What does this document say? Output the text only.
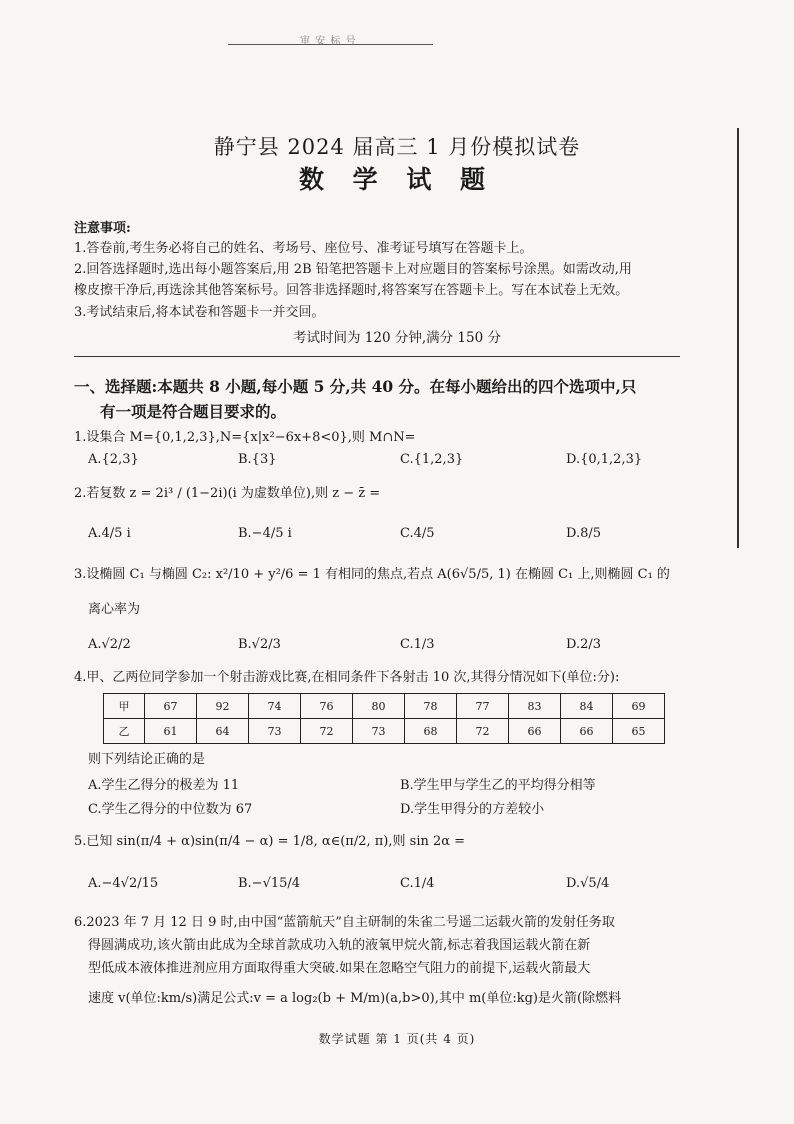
审 安 标 号
静宁县 2024 届高三 1 月份模拟试卷
数 学 试 题
注意事项:
1.答卷前,考生务必将自己的姓名、考场号、座位号、准考证号填写在答题卡上。
2.回答选择题时,选出每小题答案后,用 2B 铅笔把答题卡上对应题目的答案标号涂黑。如需改动,用
橡皮擦干净后,再选涂其他答案标号。回答非选择题时,将答案写在答题卡上。写在本试卷上无效。
3.考试结束后,将本试卷和答题卡一并交回。
考试时间为 120 分钟,满分 150 分
一、选择题:本题共 8 小题,每小题 5 分,共 40 分。在每小题给出的四个选项中,只
有一项是符合题目要求的。
1.设集合 M={0,1,2,3},N={x|x²−6x+8<0},则 M∩N=
A.{2,3}	B.{3}	C.{1,2,3}	D.{0,1,2,3}
2.若复数 z = 2i³ / (1−2i)(i 为虚数单位),则 z − z̄ =
A.4/5 i	B.−4/5 i	C.4/5	D.8/5
3.设椭圆 C₁ 与椭圆 C₂: x²/10 + y²/6 = 1 有相同的焦点,若点 A(6√5/5, 1) 在椭圆 C₁ 上,则椭圆 C₁ 的
离心率为
A.√2/2	B.√2/3	C.1/3	D.2/3
4.甲、乙两位同学参加一个射击游戏比赛,在相同条件下各射击 10 次,其得分情况如下(单位:分):
甲	67	92	74	76	80	78	77	83	84	69
乙	61	64	73	72	73	68	72	66	66	65
则下列结论正确的是
A.学生乙得分的极差为 11	B.学生甲与学生乙的平均得分相等
C.学生乙得分的中位数为 67	D.学生甲得分的方差较小
5.已知 sin(π/4 + α)sin(π/4 − α) = 1/8, α∈(π/2, π),则 sin 2α =
A.−4√2/15	B.−√15/4	C.1/4	D.√5/4
6.2023 年 7 月 12 日 9 时,由中国“蓝箭航天”自主研制的朱雀二号遥二运载火箭的发射任务取
得圆满成功,该火箭由此成为全球首款成功入轨的液氧甲烷火箭,标志着我国运载火箭在新
型低成本液体推进剂应用方面取得重大突破.如果在忽略空气阻力的前提下,运载火箭最大
速度 v(单位:km/s)满足公式:v = a log₂(b + M/m)(a,b>0),其中 m(单位:kg)是火箭(除燃料
数学试题 第 1 页(共 4 页)
